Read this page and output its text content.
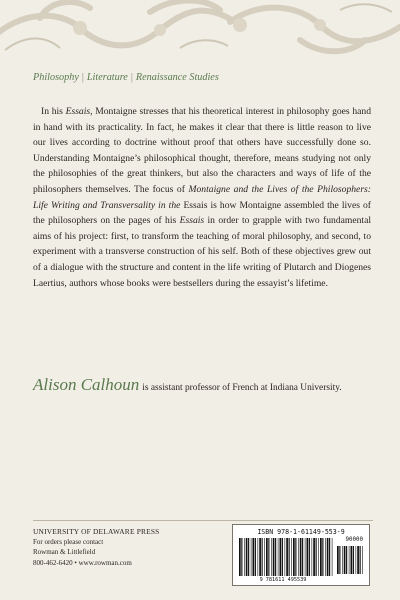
Philosophy | Literature | Renaissance Studies
In his Essais, Montaigne stresses that his theoretical interest in philosophy goes hand in hand with its practicality. In fact, he makes it clear that there is little reason to live our lives according to doctrine without proof that others have successfully done so. Understanding Montaigne’s philosophical thought, therefore, means studying not only the philosophies of the great thinkers, but also the characters and ways of life of the philosophers themselves. The focus of Montaigne and the Lives of the Philosophers: Life Writing and Transversality in the Essais is how Montaigne assembled the lives of the philosophers on the pages of his Essais in order to grapple with two fundamental aims of his project: first, to transform the teaching of moral philosophy, and second, to experiment with a transverse construction of his self. Both of these objectives grew out of a dialogue with the structure and content in the life writing of Plutarch and Diogenes Laertius, authors whose books were bestsellers during the essayist’s lifetime.
Alison Calhoun is assistant professor of French at Indiana University.
UNIVERSITY OF DELAWARE PRESS
For orders please contact
Rowman & Littlefield
800-462-6420 • www.rowman.com
ISBN 978-1-61149-553-9
9 781611 495539
90000
